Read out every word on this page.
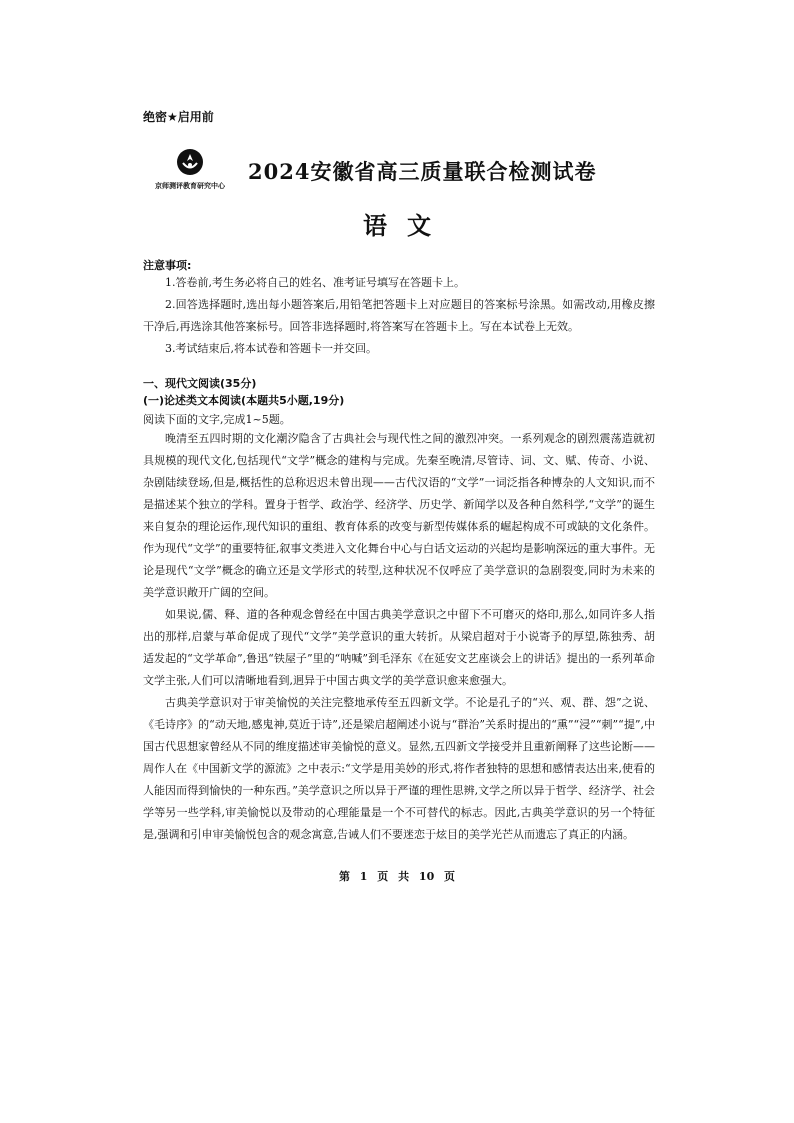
绝密★启用前
京师测评教育研究中心
2024安徽省高三质量联合检测试卷
语文
注意事项:

1.答卷前,考生务必将自己的姓名、准考证号填写在答题卡上。

2.回答选择题时,选出每小题答案后,用铅笔把答题卡上对应题目的答案标号涂黑。如需改动,用橡皮擦干净后,再选涂其他答案标号。回答非选择题时,将答案写在答题卡上。写在本试卷上无效。

3.考试结束后,将本试卷和答题卡一并交回。

一、现代文阅读(35分)
(一)论述类文本阅读(本题共5小题,19分)
阅读下面的文字,完成1~5题。

晚清至五四时期的文化潮汐隐含了古典社会与现代性之间的激烈冲突。一系列观念的剧烈震荡造就初具规模的现代文化,包括现代“文学”概念的建构与完成。先秦至晚清,尽管诗、词、文、赋、传奇、小说、杂剧陆续登场,但是,概括性的总称迟迟未曾出现——古代汉语的“文学”一词泛指各种博杂的人文知识,而不是描述某个独立的学科。置身于哲学、政治学、经济学、历史学、新闻学以及各种自然科学,“文学”的诞生来自复杂的理论运作,现代知识的重组、教育体系的改变与新型传媒体系的崛起构成不可或缺的文化条件。作为现代“文学”的重要特征,叙事文类进入文化舞台中心与白话文运动的兴起均是影响深远的重大事件。无论是现代“文学”概念的确立还是文学形式的转型,这种状况不仅呼应了美学意识的急剧裂变,同时为未来的美学意识敞开广阔的空间。

如果说,儒、释、道的各种观念曾经在中国古典美学意识之中留下不可磨灭的烙印,那么,如同许多人指出的那样,启蒙与革命促成了现代“文学”美学意识的重大转折。从梁启超对于小说寄予的厚望,陈独秀、胡适发起的“文学革命”,鲁迅“铁屋子”里的“呐喊”到毛泽东《在延安文艺座谈会上的讲话》提出的一系列革命文学主张,人们可以清晰地看到,迥异于中国古典文学的美学意识愈来愈强大。

古典美学意识对于审美愉悦的关注完整地承传至五四新文学。不论是孔子的“兴、观、群、怨”之说、《毛诗序》的“动天地,感鬼神,莫近于诗”,还是梁启超阐述小说与“群治”关系时提出的“熏”“浸”“刺”“提”,中国古代思想家曾经从不同的维度描述审美愉悦的意义。显然,五四新文学接受并且重新阐释了这些论断——周作人在《中国新文学的源流》之中表示:“文学是用美妙的形式,将作者独特的思想和感情表达出来,使看的人能因而得到愉快的一种东西。”美学意识之所以异于严谨的理性思辨,文学之所以异于哲学、经济学、社会学等另一些学科,审美愉悦以及带动的心理能量是一个不可替代的标志。因此,古典美学意识的另一个特征是,强调和引申审美愉悦包含的观念寓意,告诫人们不要迷恋于炫目的美学光芒从而遗忘了真正的内涵。

第 1 页 共 10 页
